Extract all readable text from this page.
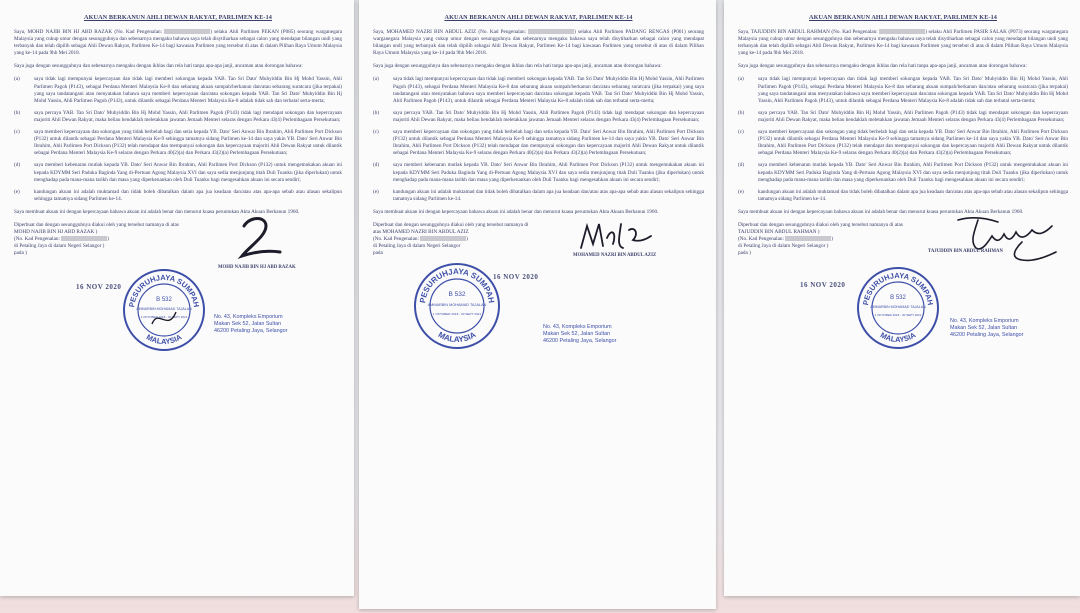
AKUAN BERKANUN AHLI DEWAN RAKYAT, PARLIMEN KE-14

Saya, MOHD NAJIB BIN HJ ABD RAZAK (No. Kad Pengenalan:	) selaku Ahli Parlimen PEKAN (P085) seorang warganegara Malaysia yang cukup umur dengan sesungguhnya dan sebenarnya mengaku bahawa saya telah disytiharkan sebagai calon yang mendapat bilangan undi yang terbanyak dan telah dipilih sebagai Ahli Dewan Rakyat, Parlimen Ke-14 bagi kawasan Parlimen yang tersebut di atas di dalam Pilihan Raya Umum Malaysia yang ke-14 pada 9hb Mei 2018.

Saya juga dengan sesungguhnya dan sebenarnya mengaku dengan ikhlas dan rela hati tanpa apa-apa janji, ancaman atau dorongan bahawa:

(a)	saya tidak lagi mempunyai kepercayaan dan tidak lagi memberi sokongan kepada YAB. Tan Sri Dato' Muhyiddin Bin Hj Mohd Yassin, Ahli Parlimen Pagoh (P143), sebagai Perdana Menteri Malaysia Ke-8 dan sebarang akuan sumpah/berkanun dan/atau sebarang suratcara (jika terpakai) yang saya tandatangani atau menyatakan bahawa saya memberi kepercayaan dan/atau sokongan kepada YAB. Tan Sri Dato' Muhyiddin Bin Hj Mohd Yassin, Ahli Parlimen Pagoh (P143), untuk dilantik sebagai Perdana Menteri Malaysia Ke-8 adalah tidak sah dan terbatal serta-merta;
(b)	saya percaya YAB. Tan Sri Dato' Muhyiddin Bin Hj Mohd Yassin, Ahli Parlimen Pagoh (P143) tidak lagi mendapat sokongan dan kepercayaan majoriti Ahli Dewan Rakyat, maka beliau hendaklah meletakkan jawatan Jemaah Menteri selaras dengan Perkara 43(4) Perlembagaan Persekutuan;
(c)	saya memberi kepercayaan dan sokongan yang tidak berbelah bagi dan setia kepada YB. Dato' Seri Anwar Bin Ibrahim, Ahli Parlimen Port Dickson (P132) untuk dilantik sebagai Perdana Menteri Malaysia Ke-9 sehingga tamatnya sidang Parlimen ke-14 dan saya yakin YB. Dato' Seri Anwar Bin Ibrahim, Ahli Parlimen Port Dickson (P132) telah mendapat dan mempunyai sokongan dan kepercayaan majoriti Ahli Dewan Rakyat untuk dilantik sebagai Perdana Menteri Malaysia Ke-9 selaras dengan Perkara 40(2)(a) dan Perkara 43(2)(a) Perlembagaan Persekutuan;
(d)	saya memberi kebenaran mutlak kepada YB. Dato' Seri Anwar Bin Ibrahim, Ahli Parlimen Port Dickson (P132) untuk mengemukakan akuan ini kepada KDYMM Seri Paduka Baginda Yang di-Pertuan Agong Malaysia XVI dan saya sedia menjunjung titah Duli Tuanku (jika diperlukan) untuk menghadap pada mana-mana tarikh dan masa yang diperkenankan oleh Duli Tuanku bagi mengesahkan akuan ini secara sendiri;
(e)	kandungan akuan ini adalah muktamad dan tidak boleh dibatalkan dalam apa jua keadaan dan/atau atas apa-apa sebab atau alasan sekalipun sehingga tamatnya sidang Parlimen ke-14.

Saya membuat akuan ini dengan kepercayaan bahawa akuan ini adalah benar dan menurut kuasa peruntukan Akta Akuan Berkanun 1960.

Diperbuat dan dengan sesungguhnya diakui oleh yang tersebut namanya di atas MOHD NAJIB BIN HJ ABD RAZAK )
(No. Kad Pengenalan:	)
di Petaling Jaya di dalam Negeri Selangor )
pada )
MOHD NAJIB BIN HJ ABD RAZAK
16 NOV 2020
PESURUHJAYA SUMPAH
MALAYSIA
B 532
AMMARBIN MOHAMAD TAJALAN
1 OKTOBER 2018 - 30 SEPT 2021	No. 43, Kompleks Emporium
Makan Sek 52, Jalan Sultan
46200 Petaling Jaya, Selangor
AKUAN BERKANUN AHLI DEWAN RAKYAT, PARLIMEN KE-14

Saya, MOHAMED NAZRI BIN ABDUL AZIZ (No. Kad Pengenalan:	) selaku Ahli Parlimen PADANG RENGAS (P061) seorang warganegara Malaysia yang cukup umur dengan sesungguhnya dan sebenarnya mengaku bahawa saya telah disytiharkan sebagai calon yang mendapat bilangan undi yang terbanyak dan telah dipilih sebagai Ahli Dewan Rakyat, Parlimen Ke-14 bagi kawasan Parlimen yang tersebut di atas di dalam Pilihan Raya Umum Malaysia yang ke-14 pada 9hb Mei 2018.

Saya juga dengan sesungguhnya dan sebenarnya mengaku dengan ikhlas dan rela hati tanpa apa-apa janji, ancaman atau dorongan bahawa:

(a)	saya tidak lagi mempunyai kepercayaan dan tidak lagi memberi sokongan kepada YAB. Tan Sri Dato' Muhyiddin Bin Hj Mohd Yassin, Ahli Parlimen Pagoh (P143), sebagai Perdana Menteri Malaysia Ke-8 dan sebarang akuan sumpah/berkanun dan/atau sebarang suratcara (jika terpakai) yang saya tandatangani atau menyatakan bahawa saya memberi kepercayaan dan/atau sokongan kepada YAB. Tan Sri Dato' Muhyiddin Bin Hj Mohd Yassin, Ahli Parlimen Pagoh (P143), untuk dilantik sebagai Perdana Menteri Malaysia Ke-8 adalah tidak sah dan terbatal serta-merta;
(b)	saya percaya YAB. Tan Sri Dato' Muhyiddin Bin Hj Mohd Yassin, Ahli Parlimen Pagoh (P143) tidak lagi mendapat sokongan dan kepercayaan majoriti Ahli Dewan Rakyat, maka beliau hendaklah meletakkan jawatan Jemaah Menteri selaras dengan Perkara 43(4) Perlembagaan Persekutuan;
(c)	saya memberi kepercayaan dan sokongan yang tidak berbelah bagi dan setia kepada YB. Dato' Seri Anwar Bin Ibrahim, Ahli Parlimen Port Dickson (P132) untuk dilantik sebagai Perdana Menteri Malaysia Ke-9 sehingga tamatnya sidang Parlimen ke-14 dan saya yakin YB. Dato' Seri Anwar Bin Ibrahim, Ahli Parlimen Port Dickson (P132) telah mendapat dan mempunyai sokongan dan kepercayaan majoriti Ahli Dewan Rakyat untuk dilantik sebagai Perdana Menteri Malaysia Ke-9 selaras dengan Perkara 40(2)(a) dan Perkara 43(2)(a) Perlembagaan Persekutuan;
(d)	saya memberi kebenaran mutlak kepada YB. Dato' Seri Anwar Bin Ibrahim, Ahli Parlimen Port Dickson (P132) untuk mengemukakan akuan ini kepada KDYMM Seri Paduka Baginda Yang di-Pertuan Agong Malaysia XVI dan saya sedia menjunjung titah Duli Tuanku (jika diperlukan) untuk menghadap pada mana-mana tarikh dan masa yang diperkenankan oleh Duli Tuanku bagi mengesahkan akuan ini secara sendiri;
(e)	kandungan akuan ini adalah muktamad dan tidak boleh dibatalkan dalam apa jua keadaan dan/atau atas apa-apa sebab atau alasan sekalipun sehingga tamatnya sidang Parlimen ke-14.

Saya membuat akuan ini dengan kepercayaan bahawa akuan ini adalah benar dan menurut kuasa peruntukan Akta Akuan Berkanun 1960.

Diperbuat dan dengan sesungguhnya diakui oleh yang tersebut namanya di atas MOHAMED NAZRI BIN ABDUL AZIZ
(No. Kad Pengenalan:	)
di Petaling Jaya di dalam Negeri Selangor
pada	MOHAMED NAZRI BIN ABDUL AZIZ
PESURUHJAYA SUMPAH
MALAYSIA
B 532
AMMARBIN MOHAMAD TAJALAN
1 OKTOBER 2018 - 30 SEPT 2021
16 NOV 2020
No. 43, Kompleks Emporium
Makan Sek 52, Jalan Sultan
46200 Petaling Jaya, Selangor
AKUAN BERKANUN AHLI DEWAN RAKYAT, PARLIMEN KE-14

Saya, TAJUDDIN BIN ABDUL RAHMAN (No. Kad Pengenalan:	) selaku Ahli Parlimen PASIR SALAK (P073) seorang warganegara Malaysia yang cukup umur dengan sesungguhnya dan sebenarnya mengaku bahawa saya telah disytiharkan sebagai calon yang mendapat bilangan undi yang terbanyak dan telah dipilih sebagai Ahli Dewan Rakyat, Parlimen Ke-14 bagi kawasan Parlimen yang tersebut di atas di dalam Pilihan Raya Umum Malaysia yang ke-14 pada 9hb Mei 2018.

Saya juga dengan sesungguhnya dan sebenarnya mengaku dengan ikhlas dan rela hati tanpa apa-apa janji, ancaman atau dorongan bahawa:

(a)	saya tidak lagi mempunyai kepercayaan dan tidak lagi memberi sokongan kepada YAB. Tan Sri Dato' Muhyiddin Bin Hj Mohd Yassin, Ahli Parlimen Pagoh (P143), sebagai Perdana Menteri Malaysia Ke-8 dan sebarang akuan sumpah/berkanun dan/atau sebarang suratcara (jika terpakai) yang saya tandatangani atau menyatakan bahawa saya memberi kepercayaan dan/atau sokongan kepada YAB. Tan Sri Dato' Muhyiddin Bin Hj Mohd Yassin, Ahli Parlimen Pagoh (P143), untuk dilantik sebagai Perdana Menteri Malaysia Ke-8 adalah tidak sah dan terbatal serta-merta;
(b)	saya percaya YAB. Tan Sri Dato' Muhyiddin Bin Hj Mohd Yassin, Ahli Parlimen Pagoh (P143) tidak lagi mendapat sokongan dan kepercayaan majoriti Ahli Dewan Rakyat, maka beliau hendaklah meletakkan jawatan Jemaah Menteri selaras dengan Perkara 43(4) Perlembagaan Persekutuan;
(c)	saya memberi kepercayaan dan sokongan yang tidak berbelah bagi dan setia kepada YB. Dato' Seri Anwar Bin Ibrahim, Ahli Parlimen Port Dickson (P132) untuk dilantik sebagai Perdana Menteri Malaysia Ke-9 sehingga tamatnya sidang Parlimen ke-14 dan saya yakin YB. Dato' Seri Anwar Bin Ibrahim, Ahli Parlimen Port Dickson (P132) telah mendapat dan mempunyai sokongan dan kepercayaan majoriti Ahli Dewan Rakyat untuk dilantik sebagai Perdana Menteri Malaysia Ke-9 selaras dengan Perkara 40(2)(a) dan Perkara 43(2)(a) Perlembagaan Persekutuan;
(d)	saya memberi kebenaran mutlak kepada YB. Dato' Seri Anwar Bin Ibrahim, Ahli Parlimen Port Dickson (P132) untuk mengemukakan akuan ini kepada KDYMM Seri Paduka Baginda Yang di-Pertuan Agong Malaysia XVI dan saya sedia menjunjung titah Duli Tuanku (jika diperlukan) untuk menghadap pada mana-mana tarikh dan masa yang diperkenankan oleh Duli Tuanku bagi mengesahkan akuan ini secara sendiri;
(e)	kandungan akuan ini adalah muktamad dan tidak boleh dibatalkan dalam apa jua keadaan dan/atau atas apa-apa sebab atau alasan sekalipun sehingga tamatnya sidang Parlimen ke-14.

Saya membuat akuan ini dengan kepercayaan bahawa akuan ini adalah benar dan menurut kuasa peruntukan Akta Akuan Berkanun 1960.

Diperbuat dan dengan sesungguhnya diakui oleh yang tersebut namanya di atas TAJUDDIN BIN ABDUL RAHMAN )
(No. Kad Pengenalan:	)
di Petaling Jaya di dalam Negeri Selangor )
pada )	TAJUDDIN BIN ABDUL RAHMAN
16 NOV 2020
PESURUHJAYA SUMPAH
MALAYSIA
B 532
AMMARBIN MOHAMAD TAJALAN
1 OKTOBER 2018 - 30 SEPT 2021
No. 43, Kompleks Emporium
Makan Sek 52, Jalan Sultan
46200 Petaling Jaya, Selangor
